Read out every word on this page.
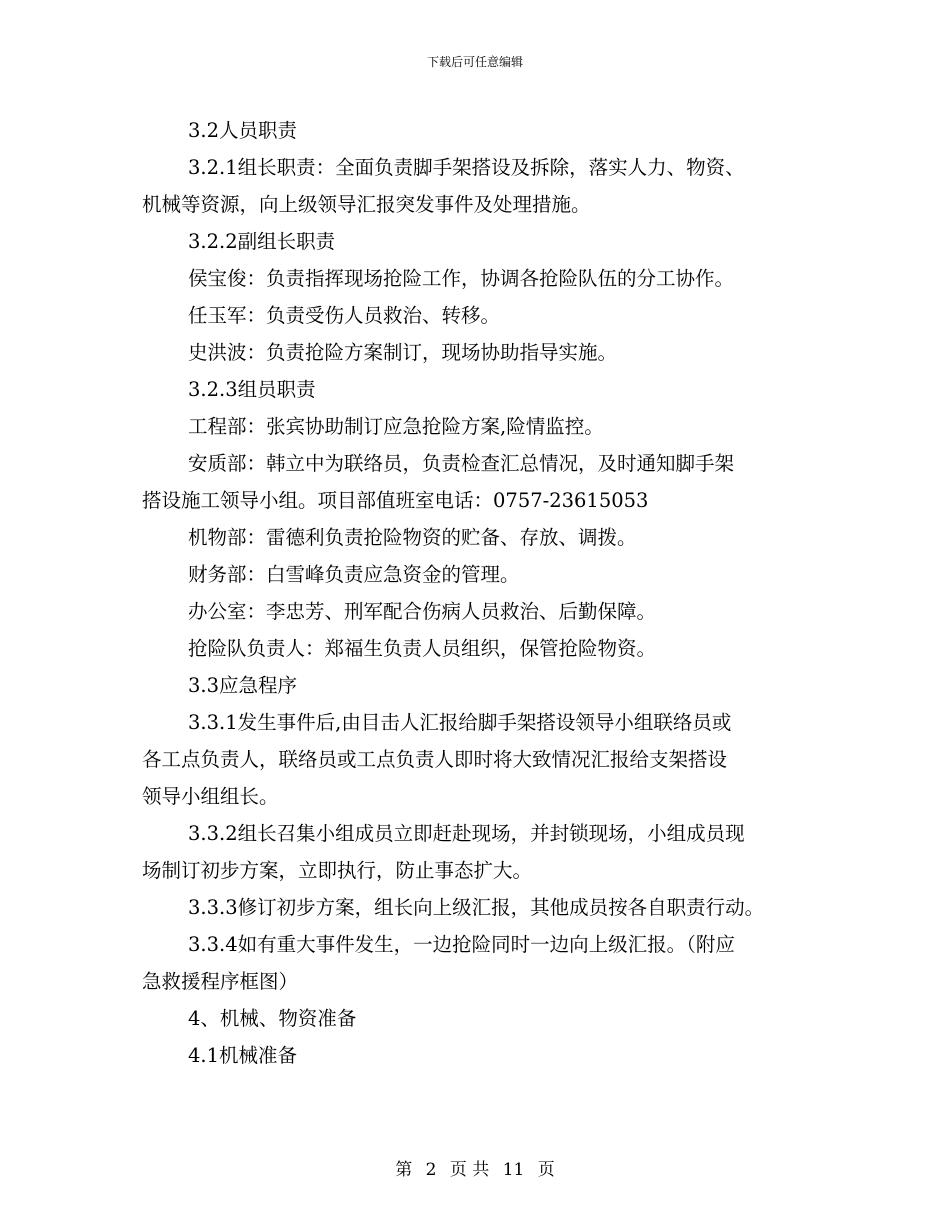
下载后可任意编辑

3.2人员职责

3.2.1组长职责：全面负责脚手架搭设及拆除，落实人力、物资、

机械等资源，向上级领导汇报突发事件及处理措施。

3.2.2副组长职责

侯宝俊：负责指挥现场抢险工作，协调各抢险队伍的分工协作。

任玉军：负责受伤人员救治、转移。

史洪波：负责抢险方案制订，现场协助指导实施。

3.2.3组员职责

工程部：张宾协助制订应急抢险方案,险情监控。

安质部：韩立中为联络员，负责检查汇总情况，及时通知脚手架

搭设施工领导小组。项目部值班室电话：0757-23615053

机物部：雷德利负责抢险物资的贮备、存放、调拨。

财务部：白雪峰负责应急资金的管理。

办公室：李忠芳、刑军配合伤病人员救治、后勤保障。

抢险队负责人：郑福生负责人员组织，保管抢险物资。

3.3应急程序

3.3.1发生事件后,由目击人汇报给脚手架搭设领导小组联络员或

各工点负责人，联络员或工点负责人即时将大致情况汇报给支架搭设

领导小组组长。

3.3.2组长召集小组成员立即赶赴现场，并封锁现场，小组成员现

场制订初步方案，立即执行，防止事态扩大。

3.3.3修订初步方案，组长向上级汇报，其他成员按各自职责行动。

3.3.4如有重大事件发生，一边抢险同时一边向上级汇报。（附应

急救援程序框图）

4、机械、物资准备

4.1机械准备

第 2 页 共 11 页
